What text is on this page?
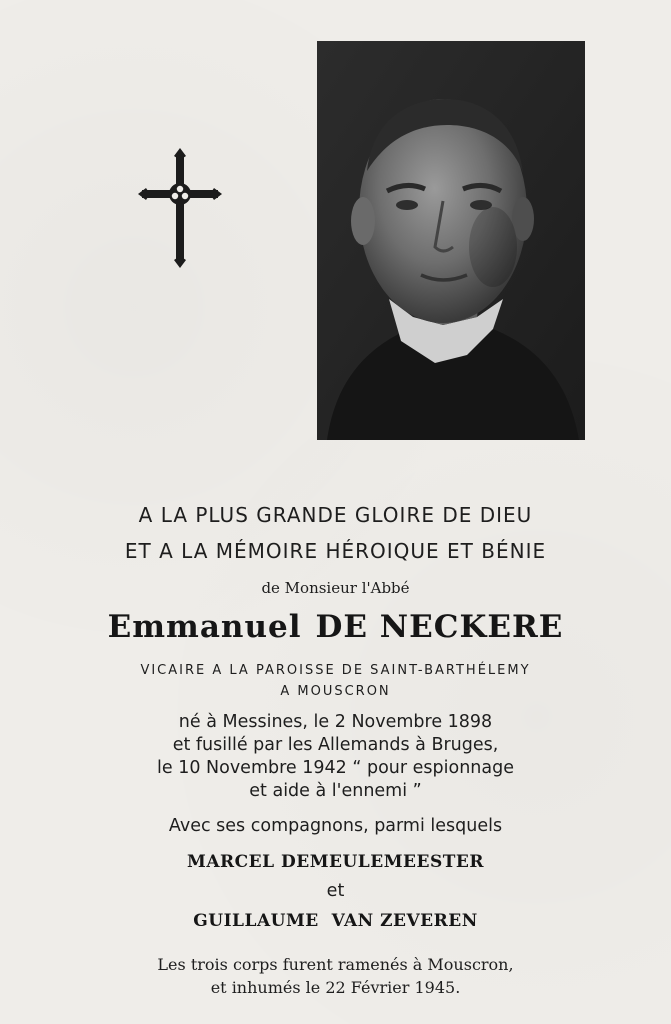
A LA PLUS GRANDE GLOIRE DE DIEU
ET A LA MÉMOIRE HÉROIQUE ET BÉNIE
de Monsieur l'Abbé
Emmanuel DE NECKERE
VICAIRE A LA PAROISSE DE SAINT-BARTHÉLEMY
A MOUSCRON
né à Messines, le 2 Novembre 1898
et fusillé par les Allemands à Bruges,
le 10 Novembre 1942 “ pour espionnage
et aide à l'ennemi ”
Avec ses compagnons, parmi lesquels
MARCEL DEMEULEMEESTER
et
GUILLAUME  VAN ZEVEREN
Les trois corps furent ramenés à Mouscron,
et inhumés le 22 Février 1945.
